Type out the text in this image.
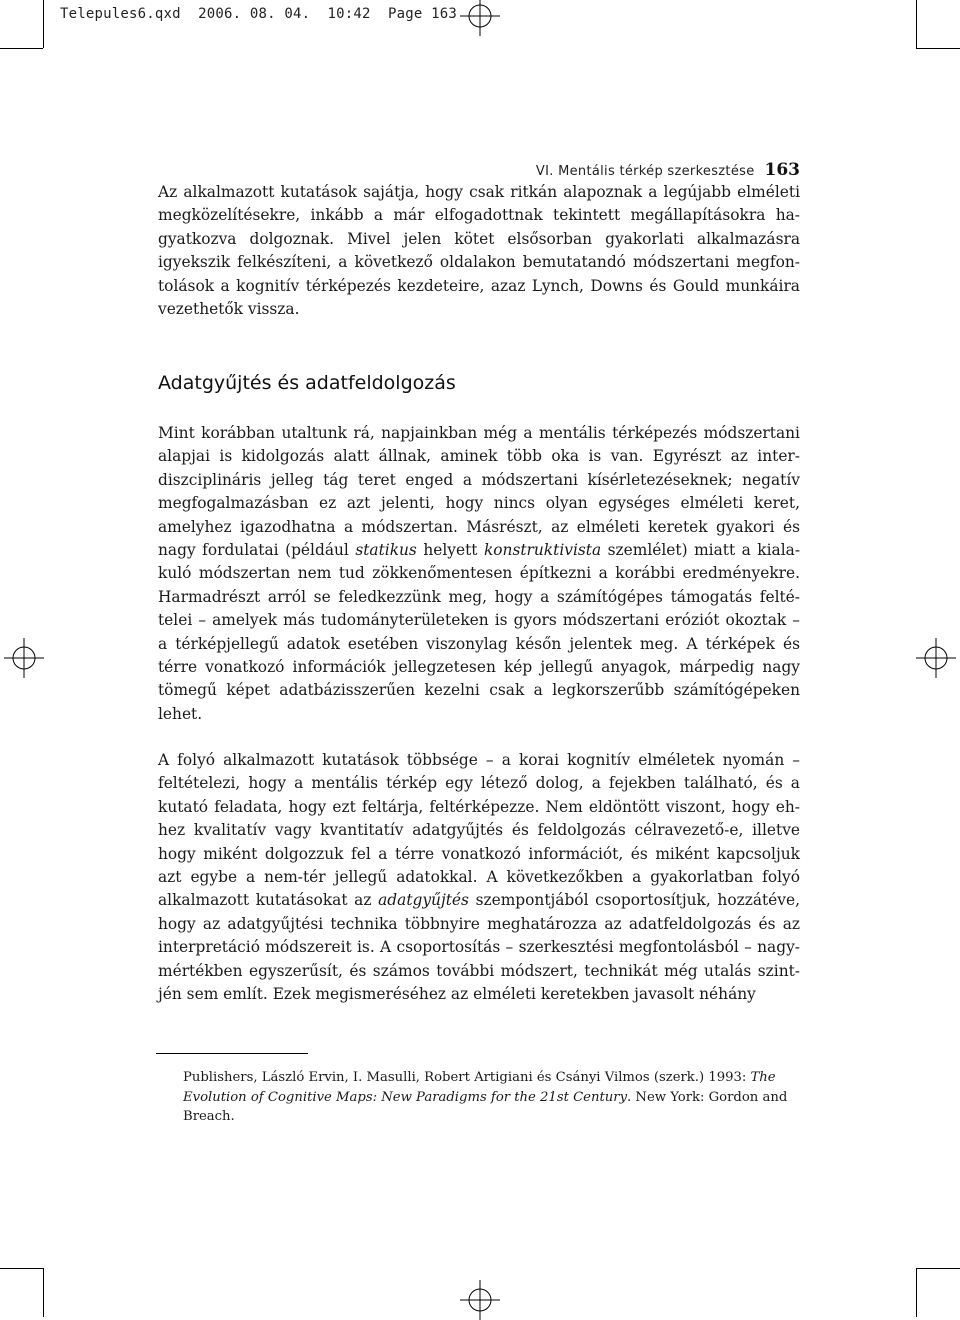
Telepules6.qxd 2006. 08. 04. 10:42 Page 163
VI. Mentális térkép szerkesztése 163

Az alkalmazott kutatások sajátja, hogy csak ritkán alapoznak a legújabb elméleti megközelítésekre, inkább a már elfogadottnak tekintett megállapításokra hagyatkozva dolgoznak. Mivel jelen kötet elsősorban gyakorlati alkalmazásra igyekszik felkészíteni, a következő oldalakon bemutatandó módszertani megfontolások a kognitív térképezés kezdeteire, azaz Lynch, Downs és Gould munkáira vezethetők vissza.

Adatgyűjtés és adatfeldolgozás

Mint korábban utaltunk rá, napjainkban még a mentális térképezés módszertani alapjai is kidolgozás alatt állnak, aminek több oka is van. Egyrészt az interdiszciplináris jelleg tág teret enged a módszertani kísérletezéseknek; negatív megfogalmazásban ez azt jelenti, hogy nincs olyan egységes elméleti keret, amelyhez igazodhatna a módszertan. Másrészt, az elméleti keretek gyakori és nagy fordulatai (például statikus helyett konstruktivista szemlélet) miatt a kialakuló módszertan nem tud zökkenőmentesen építkezni a korábbi eredményekre. Harmadrészt arról se feledkezzünk meg, hogy a számítógépes támogatás feltételei – amelyek más tudományterületeken is gyors módszertani eróziót okoztak – a térképjellegű adatok esetében viszonylag későn jelentek meg. A térképek és térre vonatkozó információk jellegzetesen kép jellegű anyagok, márpedig nagy tömegű képet adatbázisszerűen kezelni csak a legkorszerűbb számítógépeken lehet.

A folyó alkalmazott kutatások többsége – a korai kognitív elméletek nyomán – feltételezi, hogy a mentális térkép egy létező dolog, a fejekben található, és a kutató feladata, hogy ezt feltárja, feltérképezze. Nem eldöntött viszont, hogy ehhez kvalitatív vagy kvantitatív adatgyűjtés és feldolgozás célravezető-e, illetve hogy miként dolgozzuk fel a térre vonatkozó információt, és miként kapcsoljuk azt egybe a nem-tér jellegű adatokkal. A következőkben a gyakorlatban folyó alkalmazott kutatásokat az adatgyűjtés szempontjából csoportosítjuk, hozzátéve, hogy az adatgyűjtési technika többnyire meghatározza az adatfeldolgozás és az interpretáció módszereit is. A csoportosítás – szerkesztési megfontolásból – nagymértékben egyszerűsít, és számos további módszert, technikát még utalás szintjén sem említ. Ezek megismeréséhez az elméleti keretekben javasolt néhány

Publishers, László Ervin, I. Masulli, Robert Artigiani és Csányi Vilmos (szerk.) 1993: The Evolution of Cognitive Maps: New Paradigms for the 21st Century. New York: Gordon and Breach.
